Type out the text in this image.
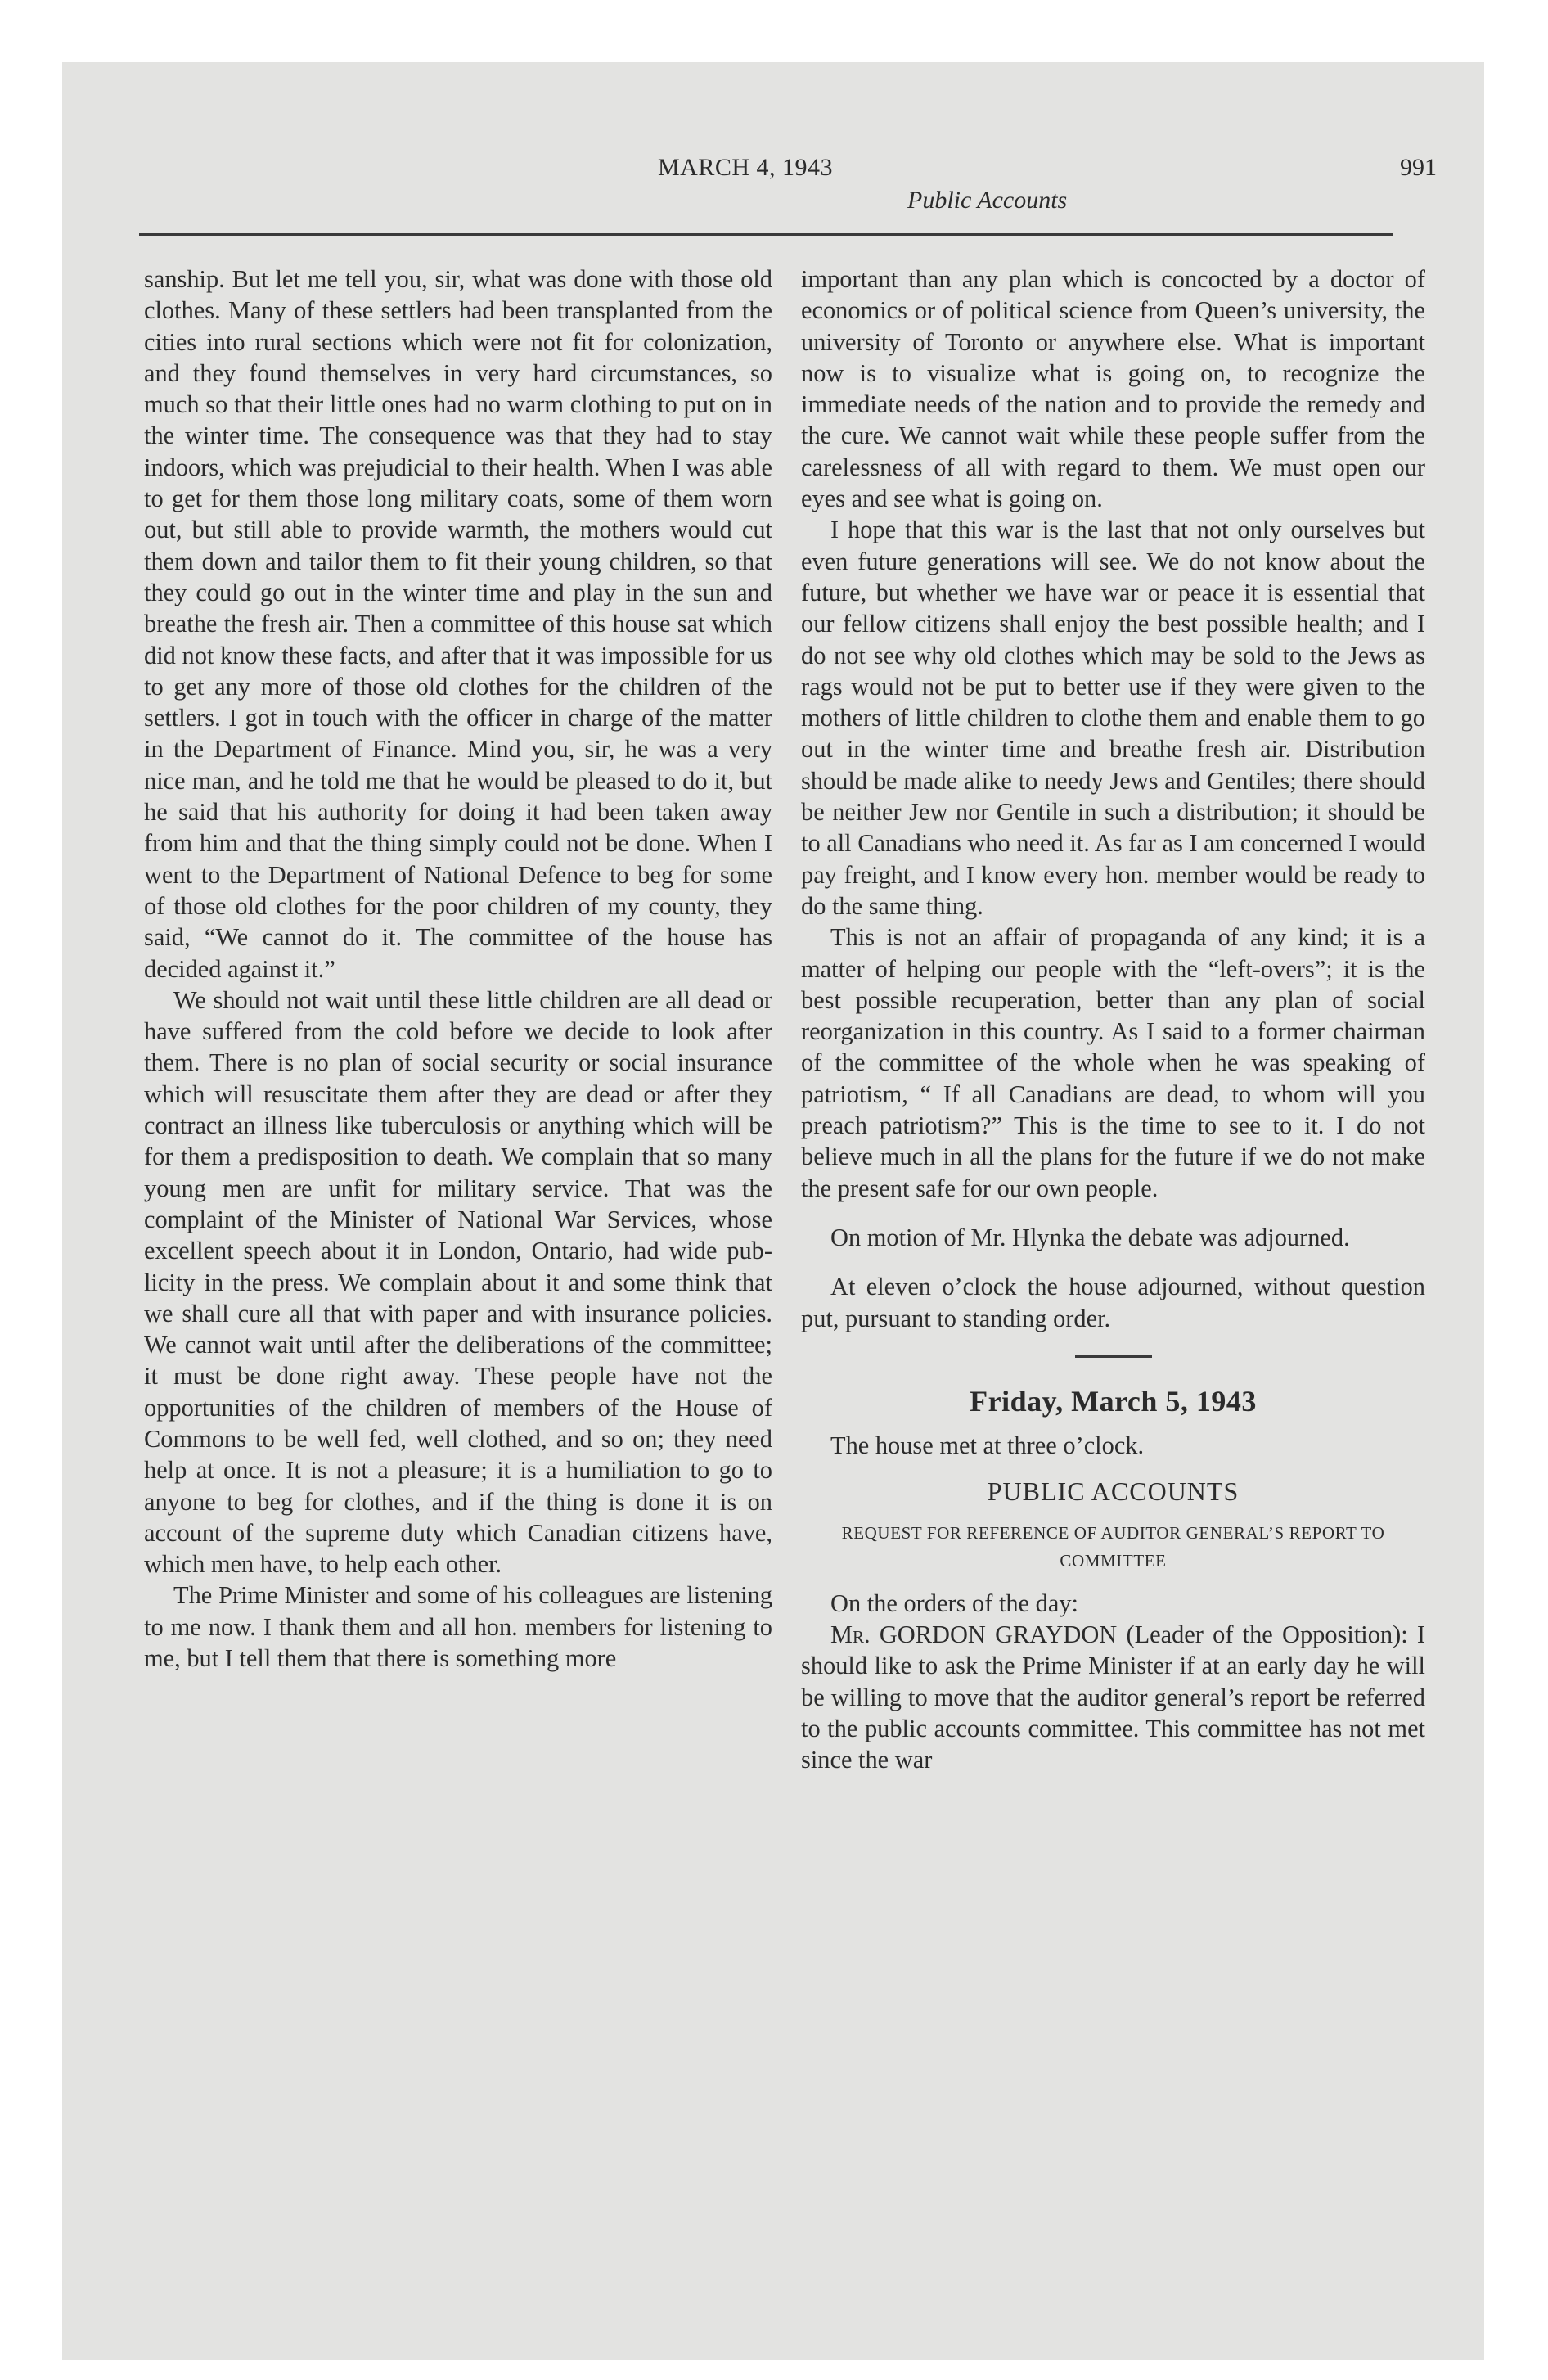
MARCH 4, 1943	991
Public Accounts

sanship. But let me tell you, sir, what was done with those old clothes. Many of these settlers had been transplanted from the cities into rural sections which were not fit for colonization, and they found themselves in very hard circumstances, so much so that their little ones had no warm clothing to put on in the winter time. The consequence was that they had to stay indoors, which was prejudicial to their health. When I was able to get for them those long military coats, some of them worn out, but still able to provide warmth, the mothers would cut them down and tailor them to fit their young children, so that they could go out in the winter time and play in the sun and breathe the fresh air. Then a committee of this house sat which did not know these facts, and after that it was impossible for us to get any more of those old clothes for the children of the settlers. I got in touch with the officer in charge of the matter in the Department of Finance. Mind you, sir, he was a very nice man, and he told me that he would be pleased to do it, but he said that his authority for doing it had been taken away from him and that the thing simply could not be done. When I went to the Department of National Defence to beg for some of those old clothes for the poor children of my county, they said, “We cannot do it. The committee of the house has decided against it.”

We should not wait until these little children are all dead or have suffered from the cold before we decide to look after them. There is no plan of social security or social insurance which will resuscitate them after they are dead or after they contract an illness like tuberculosis or anything which will be for them a predisposition to death. We complain that so many young men are unfit for military service. That was the complaint of the Minister of National War Services, whose excellent speech about it in London, Ontario, had wide publicity in the press. We complain about it and some think that we shall cure all that with paper and with insurance policies. We cannot wait until after the deliberations of the committee; it must be done right away. These people have not the opportunities of the children of members of the House of Commons to be well fed, well clothed, and so on; they need help at once. It is not a pleasure; it is a humiliation to go to anyone to beg for clothes, and if the thing is done it is on account of the supreme duty which Canadian citizens have, which men have, to help each other.

The Prime Minister and some of his colleagues are listening to me now. I thank them and all hon. members for listening to me, but I tell them that there is something more

important than any plan which is concocted by a doctor of economics or of political science from Queen’s university, the university of Toronto or anywhere else. What is important now is to visualize what is going on, to recognize the immediate needs of the nation and to provide the remedy and the cure. We cannot wait while these people suffer from the carelessness of all with regard to them. We must open our eyes and see what is going on.

I hope that this war is the last that not only ourselves but even future generations will see. We do not know about the future, but whether we have war or peace it is essential that our fellow citizens shall enjoy the best possible health; and I do not see why old clothes which may be sold to the Jews as rags would not be put to better use if they were given to the mothers of little children to clothe them and enable them to go out in the winter time and breathe fresh air. Distribution should be made alike to needy Jews and Gentiles; there should be neither Jew nor Gentile in such a distribution; it should be to all Canadians who need it. As far as I am concerned I would pay freight, and I know every hon. member would be ready to do the same thing.

This is not an affair of propaganda of any kind; it is a matter of helping our people with the “left-overs”; it is the best possible recuperation, better than any plan of social reorganization in this country. As I said to a former chairman of the committee of the whole when he was speaking of patriotism, “ If all Canadians are dead, to whom will you preach patriotism?” This is the time to see to it. I do not believe much in all the plans for the future if we do not make the present safe for our own people.

On motion of Mr. Hlynka the debate was adjourned.

At eleven o’clock the house adjourned, without question put, pursuant to standing order.

Friday, March 5, 1943

The house met at three o’clock.

PUBLIC ACCOUNTS
REQUEST FOR REFERENCE OF AUDITOR GENERAL’S REPORT TO COMMITTEE

On the orders of the day:

Mr. GORDON GRAYDON (Leader of the Opposition): I should like to ask the Prime Minister if at an early day he will be willing to move that the auditor general’s report be referred to the public accounts committee. This committee has not met since the war
